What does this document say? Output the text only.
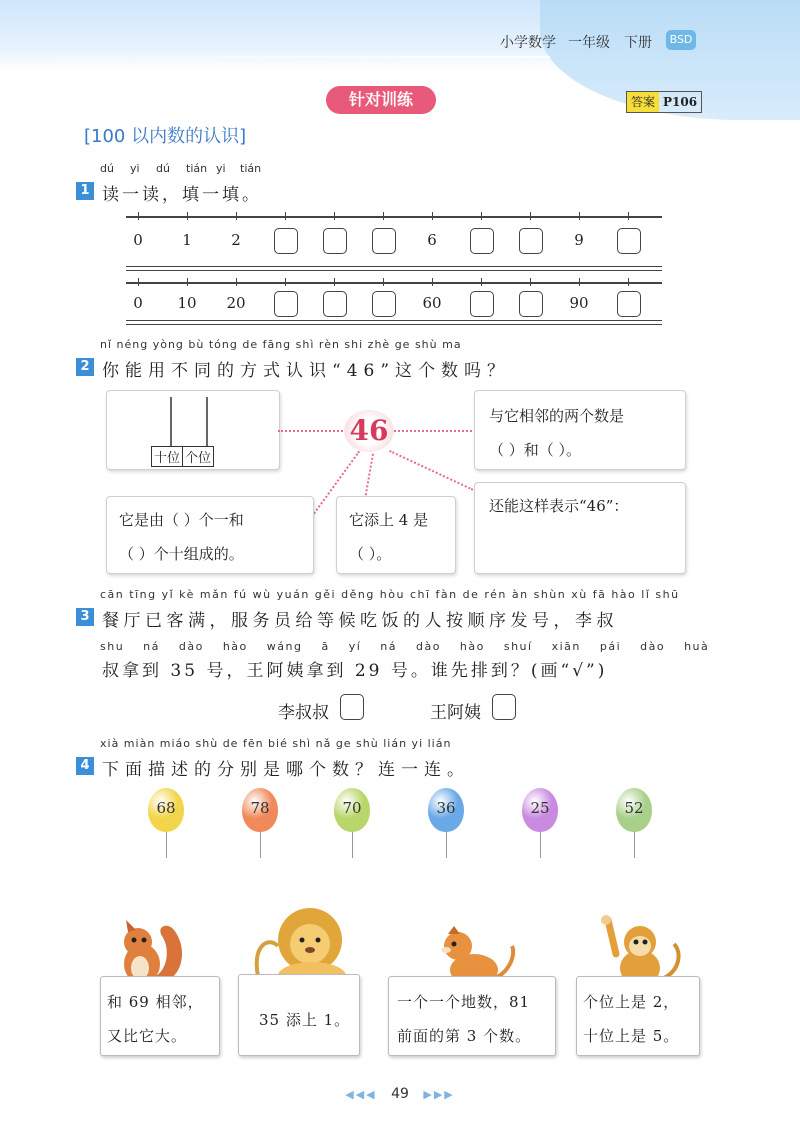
小学数学 一年级 下册	BSD
针对训练	答案 P106
[100 以内数的认识]
dú yi dú tián yi tián
1 读一读，填一填。
0	1	2	6	9
0	10 20	60	90
nǐ néng yòng bù tóng de fāng shì rèn shi zhè ge shù ma
2 你能用不同的方式认识“46”这个数吗？
十位 个位
46	与它相邻的两个数是
（ ）和（ ）。
它是由（ ）个一和
（ ）个十组成的。
它添上 4 是
（ ）。
还能这样表示“46”：
cān tīng yǐ kè mǎn fú wù yuán gěi děng hòu chī fàn de rén àn shùn xù fā hào lǐ shū
3 餐厅已客满，服务员给等候吃饭的人按顺序发号，李叔
shu ná dào hào wáng ā yí ná dào hào shuí xiān pái dào huà
叔拿到 35 号，王阿姨拿到 29 号。谁先排到？(画“√”)
李叔叔	王阿姨
xià miàn miáo shù de fēn bié shì nǎ ge shù lián yi lián
4 下面描述的分别是哪个数？连一连。
68	78	70	36	25	52
和 69 相邻，
又比它大。
35 添上 1。
一个一个地数，81
前面的第 3 个数。
个位上是 2，
十位上是 5。
◀◀◀ 49 ▶▶▶
